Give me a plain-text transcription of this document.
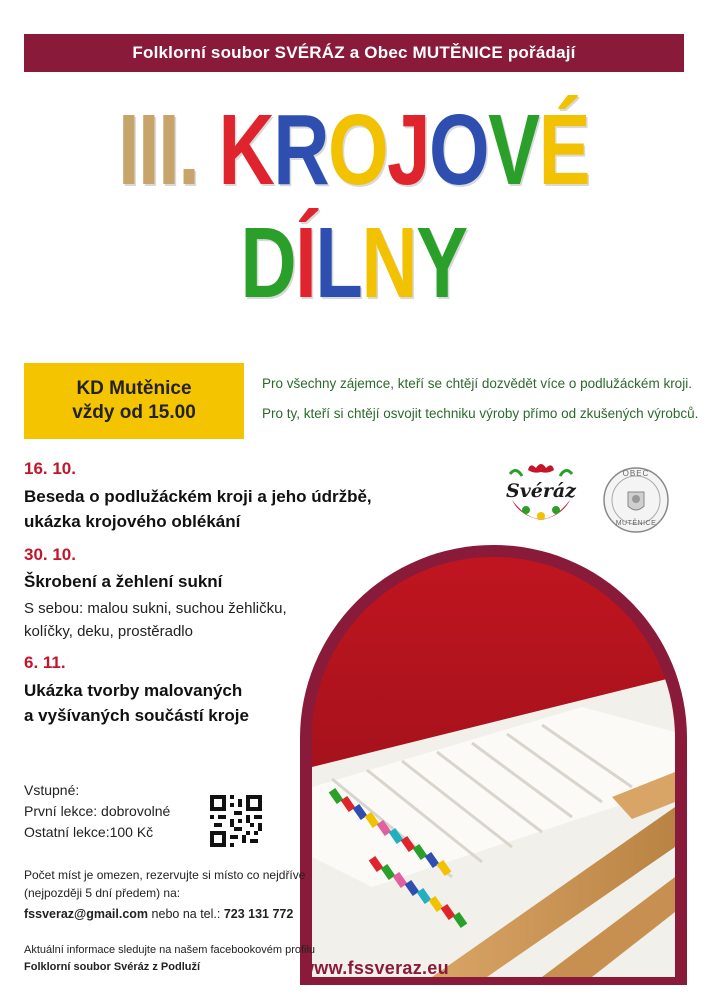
Folklorní soubor SVÉRÁZ a Obec MUTĚNICE pořádají
III. KROJOVÉ
DÍLNY
KD Mutěnice
vždy od 15.00
Pro všechny zájemce, kteří se chtějí dozvědět více o podlužáckém kroji.
Pro ty, kteří si chtějí osvojit techniku výroby přímo od zkušených výrobců.
16. 10.
Beseda o podlužáckém kroji a jeho údržbě,
ukázka krojového oblékání
30. 10.
Škrobení a žehlení sukní
S sebou: malou sukni, suchou žehličku,
kolíčky, deku, prostěradlo
6. 11.
Ukázka tvorby malovaných
a vyšívaných součástí kroje
Svéráz
OBEC
MUTĚNICE
Vstupné:
První lekce: dobrovolné
Ostatní lekce:100 Kč
Počet míst je omezen, rezervujte si místo co nejdříve
(nejpozději 5 dní předem) na:
fssveraz@gmail.com nebo na tel.: 723 131 772
Aktuální informace sledujte na našem facebookovém profilu
Folklorní soubor Svéráz z Podluží	www.fssveraz.eu
